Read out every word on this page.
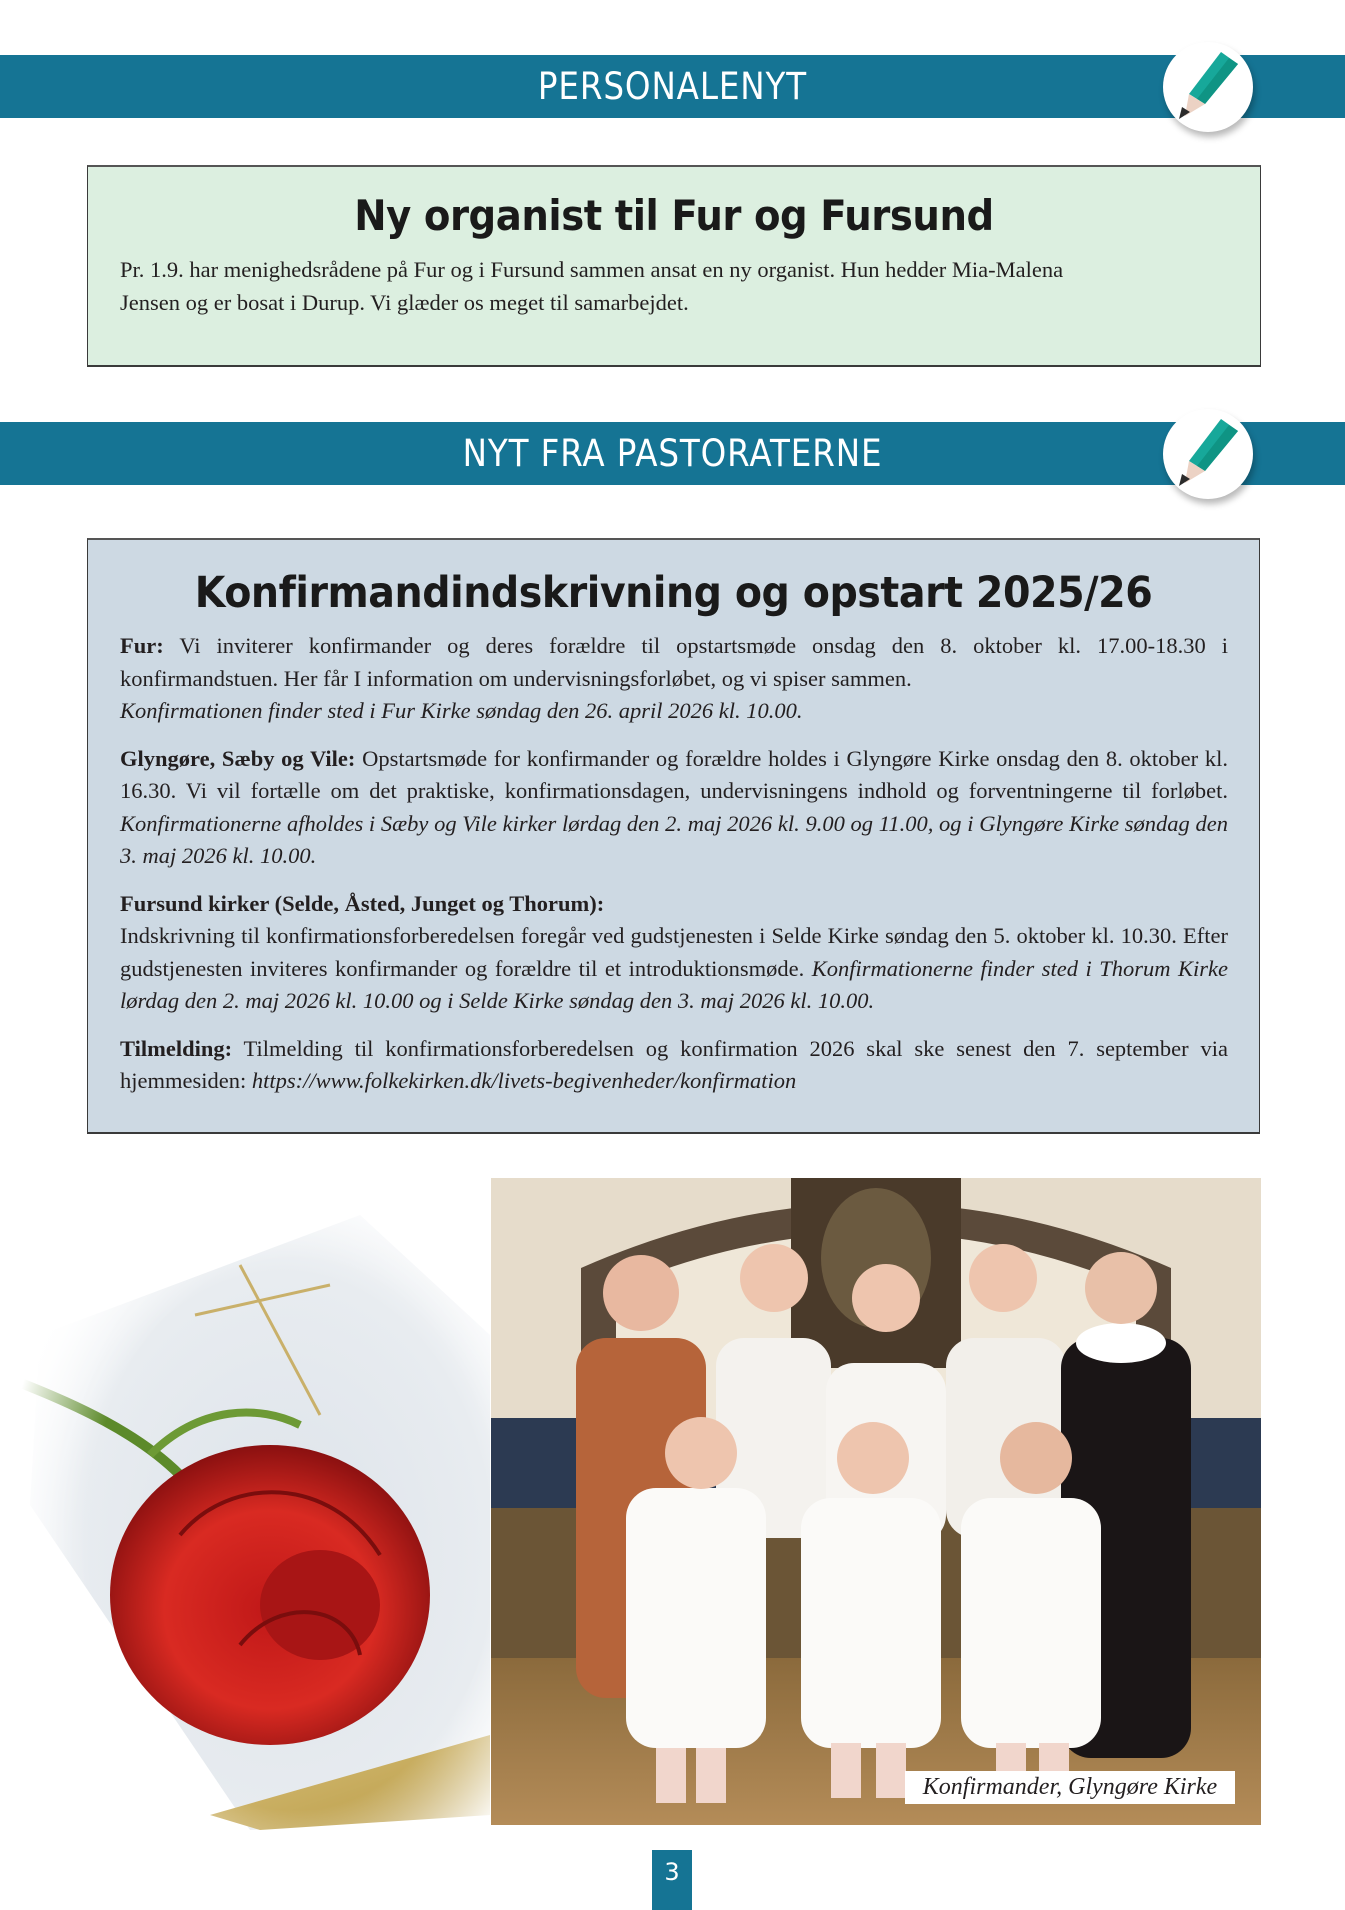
PERSONALENYT
Ny organist til Fur og Fursund

Pr. 1.9. har menighedsrådene på Fur og i Fursund sammen ansat en ny organist. Hun hedder Mia-Malena
Jensen og er bosat i Durup. Vi glæder os meget til samarbejdet.

NYT FRA PASTORATERNE
Konfirmandindskrivning og opstart 2025/26

Fur: Vi inviterer konfirmander og deres forældre til opstartsmøde onsdag den 8. oktober kl. 17.00-18.30 i konfirmandstuen. Her får I information om undervisningsforløbet, og vi spiser sammen.
Konfirmationen finder sted i Fur Kirke søndag den 26. april 2026 kl. 10.00.

Glyngøre, Sæby og Vile: Opstartsmøde for konfirmander og forældre holdes i Glyngøre Kirke onsdag den 8. oktober kl. 16.30. Vi vil fortælle om det praktiske, konfirmationsdagen, undervisningens indhold og forventningerne til forløbet. Konfirmationerne afholdes i Sæby og Vile kirker lørdag den 2. maj 2026 kl. 9.00 og 11.00, og i Glyngøre Kirke søndag den 3. maj 2026 kl. 10.00.

Fursund kirker (Selde, Åsted, Junget og Thorum):
Indskrivning til konfirmationsforberedelsen foregår ved gudstjenesten i Selde Kirke søndag den 5. oktober kl. 10.30. Efter gudstjenesten inviteres konfirmander og forældre til et introduktionsmøde. Konfirmationerne finder sted i Thorum Kirke lørdag den 2. maj 2026 kl. 10.00 og i Selde Kirke søndag den 3. maj 2026 kl. 10.00.

Tilmelding: Tilmelding til konfirmationsforberedelsen og konfirmation 2026 skal ske senest den 7. september via hjemmesiden: https://www.folkekirken.dk/livets-begivenheder/konfirmation

Konfirmander, Glyngøre Kirke
3
